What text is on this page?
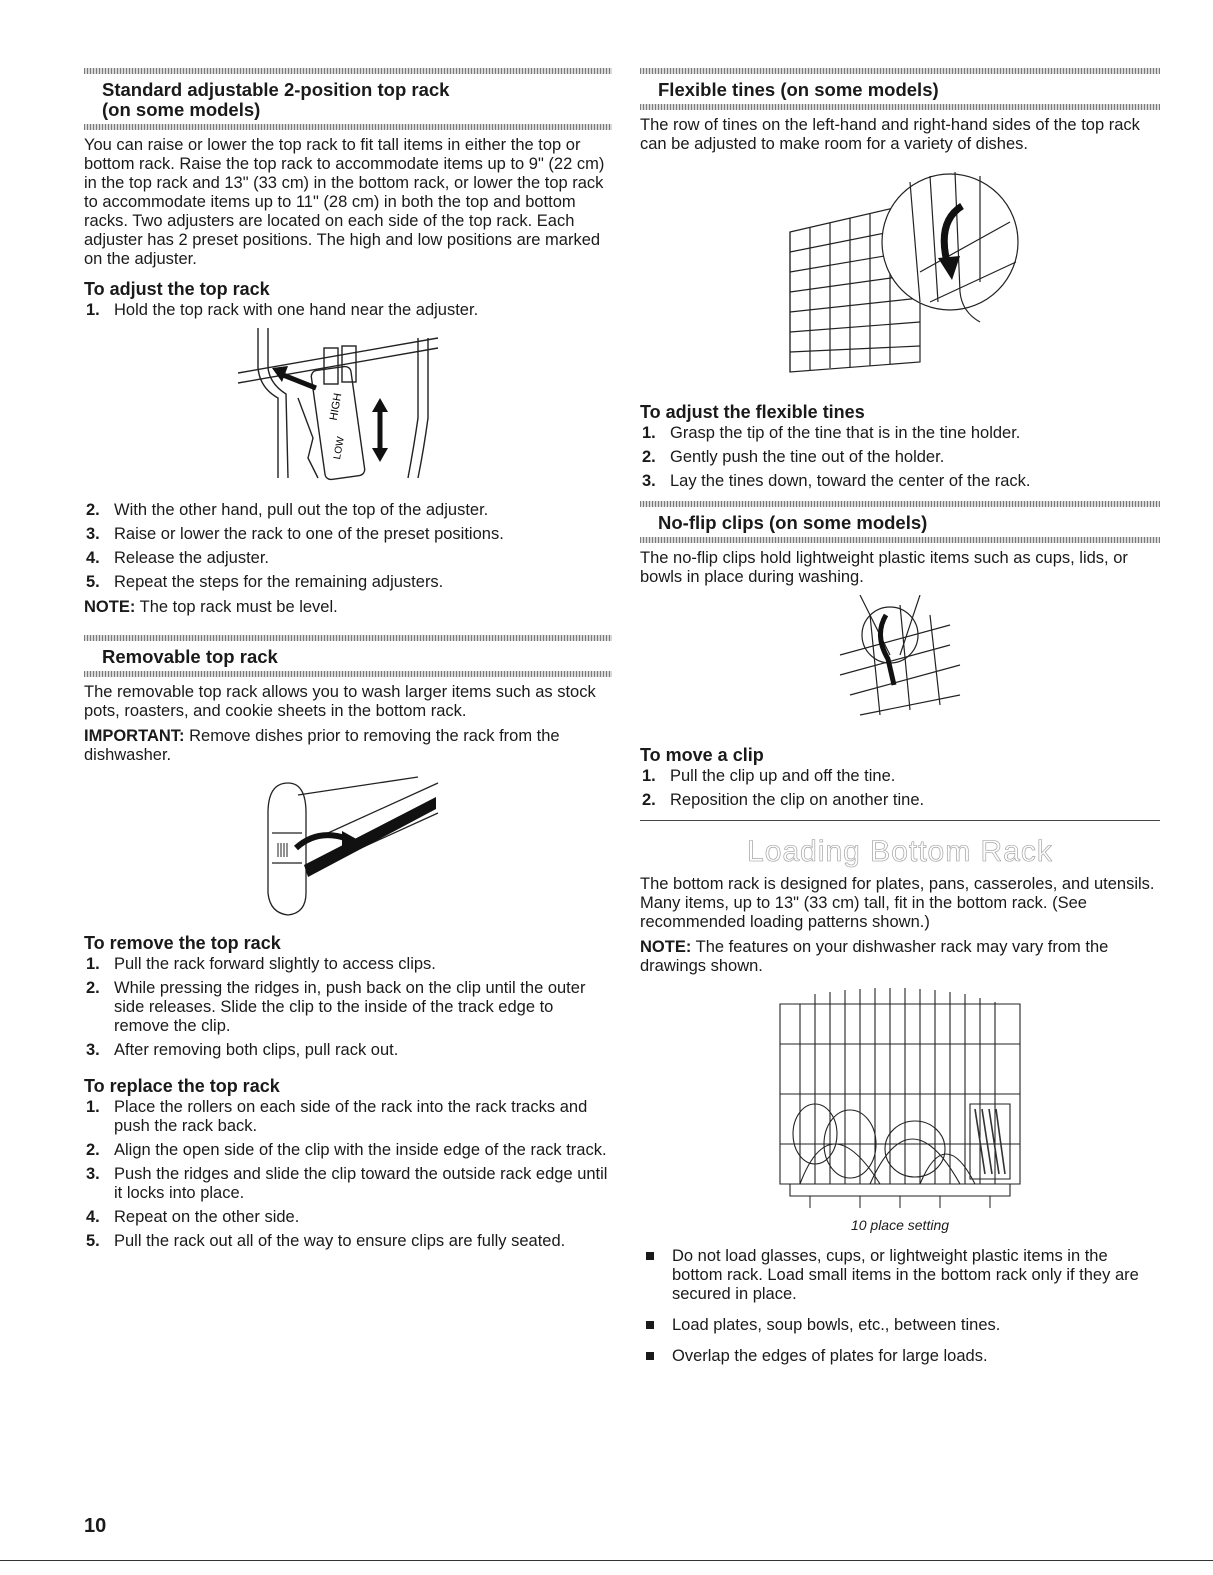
Standard adjustable 2-position top rack
(on some models)

You can raise or lower the top rack to fit tall items in either the top or bottom rack. Raise the top rack to accommodate items up to 9" (22 cm) in the top rack and 13" (33 cm) in the bottom rack, or lower the top rack to accommodate items up to 11" (28 cm) in both the top and bottom racks. Two adjusters are located on each side of the top rack. Each adjuster has 2 preset positions. The high and low positions are marked on the adjuster.

To adjust the top rack
1. Hold the top rack with one hand near the adjuster.
HIGH
LOW
2. With the other hand, pull out the top of the adjuster.
3. Raise or lower the rack to one of the preset positions.
4. Release the adjuster.
5. Repeat the steps for the remaining adjusters.

NOTE: The top rack must be level.

Removable top rack

The removable top rack allows you to wash larger items such as stock pots, roasters, and cookie sheets in the bottom rack.

IMPORTANT: Remove dishes prior to removing the rack from the dishwasher.

To remove the top rack
1. Pull the rack forward slightly to access clips.
2. While pressing the ridges in, push back on the clip until the outer side releases. Slide the clip to the inside of the track edge to remove the clip.
3. After removing both clips, pull rack out.
To replace the top rack
1. Place the rollers on each side of the rack into the rack tracks and push the rack back.
2. Align the open side of the clip with the inside edge of the rack track.
3. Push the ridges and slide the clip toward the outside rack edge until it locks into place.
4. Repeat on the other side.
5. Pull the rack out all of the way to ensure clips are fully seated.
Flexible tines (on some models)

The row of tines on the left-hand and right-hand sides of the top rack can be adjusted to make room for a variety of dishes.

To adjust the flexible tines
1. Grasp the tip of the tine that is in the tine holder.
2. Gently push the tine out of the holder.
3. Lay the tines down, toward the center of the rack.
No-flip clips (on some models)

The no-flip clips hold lightweight plastic items such as cups, lids, or bowls in place during washing.

To move a clip
1. Pull the clip up and off the tine.
2. Reposition the clip on another tine.
Loading Bottom Rack

The bottom rack is designed for plates, pans, casseroles, and utensils. Many items, up to 13" (33 cm) tall, fit in the bottom rack. (See recommended loading patterns shown.)

NOTE: The features on your dishwasher rack may vary from the drawings shown.

10 place setting
Do not load glasses, cups, or lightweight plastic items in the bottom rack. Load small items in the bottom rack only if they are secured in place.
Load plates, soup bowls, etc., between tines.
Overlap the edges of plates for large loads.
10
